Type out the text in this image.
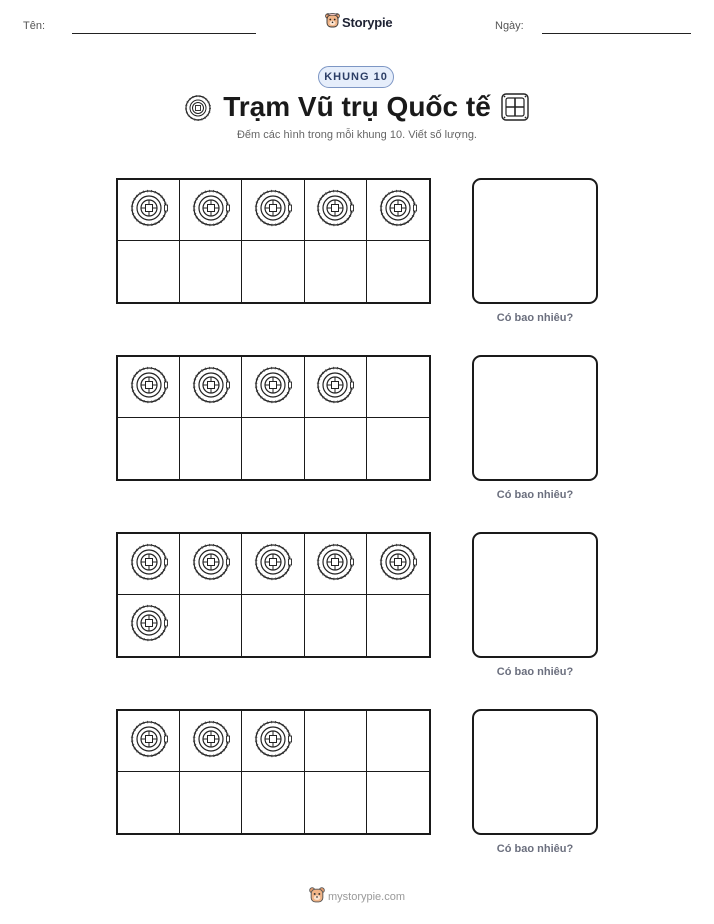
Tên:	Storypie	Ngày:
KHUNG 10
Trạm Vũ trụ Quốc tế
Đếm các hình trong mỗi khung 10. Viết số lượng.
Có bao nhiêu?
Có bao nhiêu?
Có bao nhiêu?
Có bao nhiêu?
mystorypie.com
